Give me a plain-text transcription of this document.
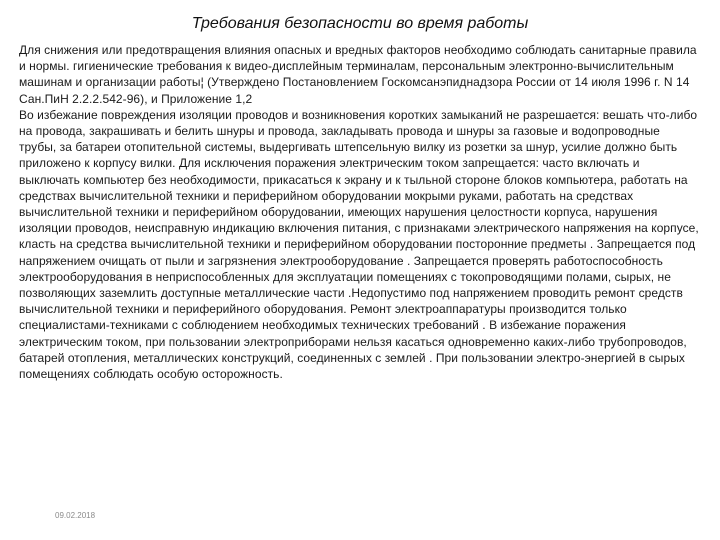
Требования безопасности во время работы

Для снижения или предотвращения влияния опасных и вредных факторов необходимо соблюдать санитарные правила и нормы. гигиенические требования к видео-дисплейным терминалам, персональным электронно-вычислительным машинам и организации работы¦ (Утверждено Постановлением Госкомсанэпиднадзора России от 14 июля 1996 г. N 14 Сан.ПиН 2.2.2.542-96), и Приложение 1,2

Во избежание повреждения изоляции проводов и возникновения коротких замыканий не разрешается: вешать что-либо на провода, закрашивать и белить шнуры и провода, закладывать провода и шнуры за газовые и водопроводные трубы, за батареи отопительной системы, выдергивать штепсельную вилку из розетки за шнур, усилие должно быть приложено к корпусу вилки. Для исключения поражения электрическим током запрещается: часто включать и выключать компьютер без необходимости, прикасаться к экрану и к тыльной стороне блоков компьютера, работать на средствах вычислительной техники и периферийном оборудовании мокрыми руками, работать на средствах вычислительной техники и периферийном оборудовании, имеющих нарушения целостности корпуса, нарушения изоляции проводов, неисправную индикацию включения питания, с признаками электрического напряжения на корпусе, класть на средства вычислительной техники и периферийном оборудовании посторонние предметы . Запрещается под напряжением очищать от пыли и загрязнения электрооборудование . Запрещается проверять работоспособность электрооборудования в неприспособленных для эксплуатации помещениях с токопроводящими полами, сырых, не позволяющих заземлить доступные металлические части .Недопустимо под напряжением проводить ремонт средств вычислительной техники и периферийного оборудования. Ремонт электроаппаратуры производится только специалистами-техниками с соблюдением необходимых технических требований . В избежание поражения электрическим током, при пользовании электроприборами нельзя касаться одновременно каких-либо трубопроводов, батарей отопления, металлических конструкций, соединенных с землей . При пользовании электро-энергией в сырых помещениях соблюдать особую осторожность.

09.02.2018
